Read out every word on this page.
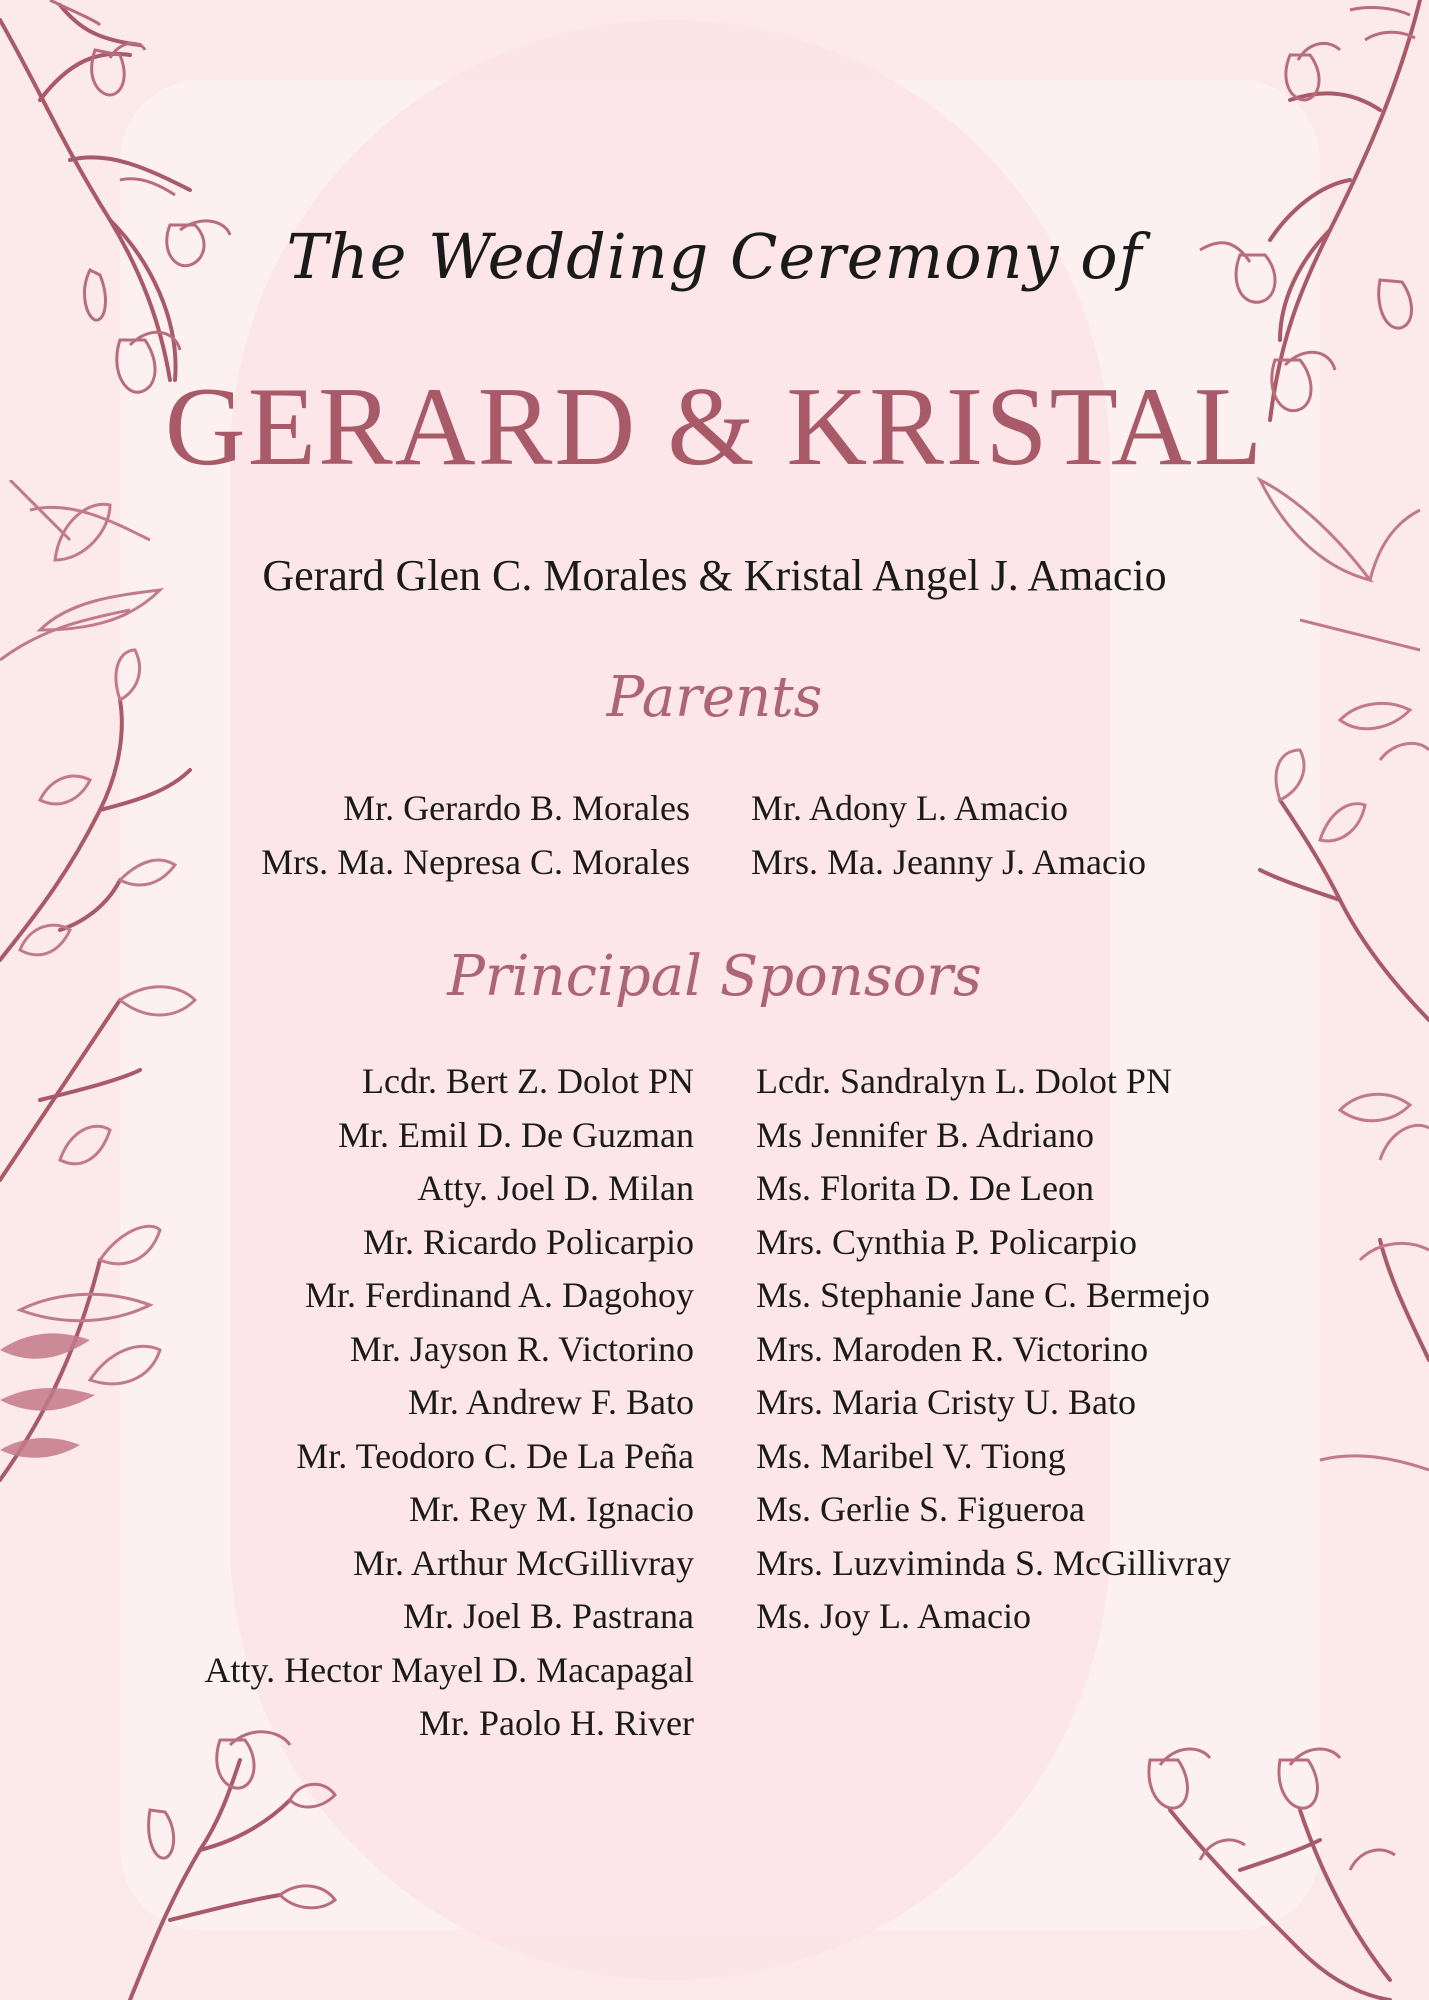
The Wedding Ceremony of
GERARD & KRISTAL
Gerard Glen C. Morales & Kristal Angel J. Amacio
Parents
Mr. Gerardo B. Morales
Mrs. Ma. Nepresa C. Morales
Mr. Adony L. Amacio
Mrs. Ma. Jeanny J. Amacio
Principal Sponsors
Lcdr. Bert Z. Dolot PN
Mr. Emil D. De Guzman
Atty. Joel D. Milan
Mr. Ricardo Policarpio
Mr. Ferdinand A. Dagohoy
Mr. Jayson R. Victorino
Mr. Andrew F. Bato
Mr. Teodoro C. De La Peña
Mr. Rey M. Ignacio
Mr. Arthur McGillivray
Mr. Joel B. Pastrana
Atty. Hector Mayel D. Macapagal
Mr. Paolo H. River
Lcdr. Sandralyn L. Dolot PN
Ms Jennifer B. Adriano
Ms. Florita D. De Leon
Mrs. Cynthia P. Policarpio
Ms. Stephanie Jane C. Bermejo
Mrs. Maroden R. Victorino
Mrs. Maria Cristy U. Bato
Ms. Maribel V. Tiong
Ms. Gerlie S. Figueroa
Mrs. Luzviminda S. McGillivray
Ms. Joy L. Amacio
